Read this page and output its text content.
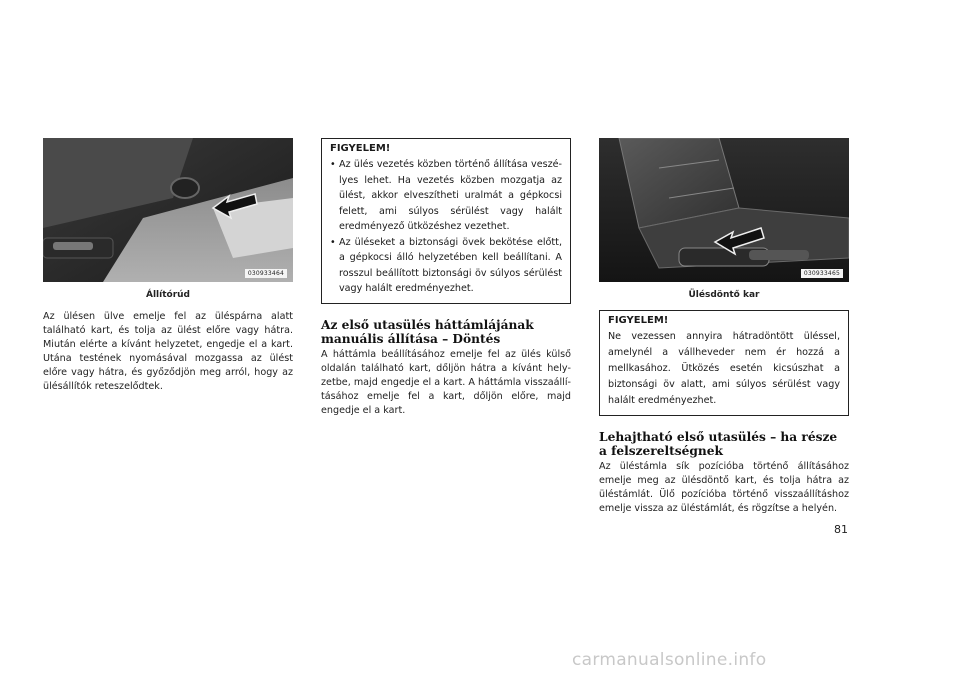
030933464
Állítórúd

Az ülésen ülve emelje fel az üléspárna alatt található kart, és tolja az ülést előre vagy hátra. Miután elérte a kívánt helyzetet, engedje el a kart. Utána testének nyomásával mozgassa az ülést előre vagy hátra, és győződjön meg arról, hogy az ülésállítók reteszelődtek.

FIGYELEM!
• Az ülés vezetés közben történő állítása veszélyes lehet. Ha vezetés közben mozgatja az ülést, akkor elveszítheti uralmát a gépkocsi felett, ami súlyos sérülést vagy halált eredményező ütközéshez vezethet.
• Az üléseket a biztonsági övek bekötése előtt, a gépkocsi álló helyzetében kell beállítani. A rosszul beállított biztonsági öv súlyos sérülést vagy halált eredményezhet.
Az első utasülés háttámlájának manuális állítása – Döntés

A háttámla beállításához emelje fel az ülés külső oldalán található kart, dőljön hátra a kívánt helyzetbe, majd engedje el a kart. A háttámla visszaállításához emelje fel a kart, dőljön előre, majd engedje el a kart.

030933465
Ülésdöntő kar
FIGYELEM!

Ne vezessen annyira hátradöntött üléssel, amelynél a vállheveder nem ér hozzá a mellkasához. Ütközés esetén kicsúszhat a biztonsági öv alatt, ami súlyos sérülést vagy halált eredményezhet.

Lehajtható első utasülés – ha része a felszereltségnek

Az üléstámla sík pozícióba történő állításához emelje meg az ülésdöntő kart, és tolja hátra az üléstámlát. Ülő pozícióba történő visszaállításhoz emelje vissza az üléstámlát, és rögzítse a helyén.

81
carmanualsonline.info
